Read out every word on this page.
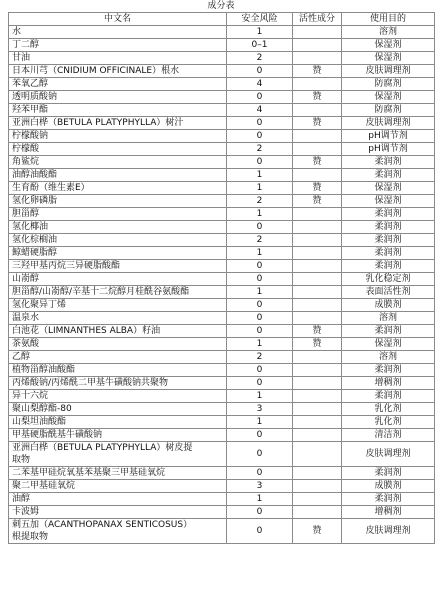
成分表
中文名	安全风险	活性成分	使用目的
水	1		溶剂
丁二醇	0–1		保湿剂
甘油	2		保湿剂
日本川芎（CNIDIUM OFFICINALE）根水	0	赞	皮肤调理剂
苯氧乙醇	4		防腐剂
透明质酸钠	0	赞	保湿剂
羟苯甲酯	4		防腐剂
亚洲白桦（BETULA PLATYPHYLLA）树汁	0	赞	皮肤调理剂
柠檬酸钠	0		pH调节剂
柠檬酸	2		pH调节剂
角鲨烷	0	赞	柔润剂
油醇油酸酯	1		柔润剂
生育酚（维生素E）	1	赞	保湿剂
氢化卵磷脂	2	赞	保湿剂
胆甾醇	1		柔润剂
氢化椰油	0		柔润剂
氢化棕榈油	2		柔润剂
鲸蜡硬脂醇	1		柔润剂
三羟甲基丙烷三异硬脂酸酯	0		柔润剂
山嵛醇	0		乳化稳定剂
胆甾醇/山嵛醇/辛基十二烷醇月桂酰谷氨酸酯	1		表面活性剂
氢化聚异丁烯	0		成膜剂
温泉水	0		溶剂
白池花（LIMNANTHES ALBA）籽油	0	赞	柔润剂
茶氨酸	1	赞	保湿剂
乙醇	2		溶剂
植物甾醇油酸酯	0		柔润剂
丙烯酸钠/丙烯酰二甲基牛磺酸钠共聚物	0		增稠剂
异十六烷	1		柔润剂
聚山梨醇酯-80	3		乳化剂
山梨坦油酸酯	1		乳化剂
甲基硬脂酰基牛磺酸钠	0		清洁剂

亚洲白桦（BETULA PLATYPHYLLA）树皮提
取物	0		皮肤调理剂
二苯基甲硅烷氧基苯基聚三甲基硅氧烷	0		柔润剂
聚二甲基硅氧烷	3		成膜剂
油醇	1		柔润剂
卡波姆	0		增稠剂

刺五加（ACANTHOPANAX SENTICOSUS）
根提取物	0	赞	皮肤调理剂
